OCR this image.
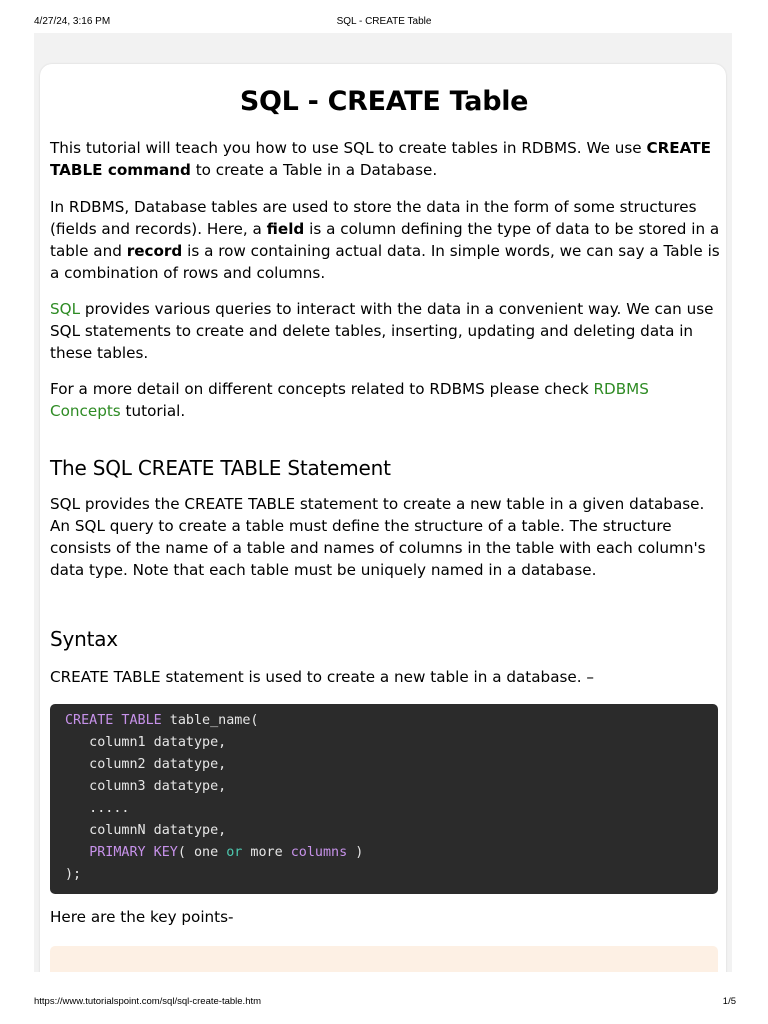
4/27/24, 3:16 PM	SQL - CREATE Table
SQL - CREATE Table

This tutorial will teach you how to use SQL to create tables in RDBMS. We use CREATE TABLE command to create a Table in a Database.

In RDBMS, Database tables are used to store the data in the form of some structures (fields and records). Here, a field is a column defining the type of data to be stored in a table and record is a row containing actual data. In simple words, we can say a Table is a combination of rows and columns.

SQL provides various queries to interact with the data in a convenient way. We can use SQL statements to create and delete tables, inserting, updating and deleting data in these tables.

For a more detail on different concepts related to RDBMS please check RDBMS Concepts tutorial.

The SQL CREATE TABLE Statement

SQL provides the CREATE TABLE statement to create a new table in a given database. An SQL query to create a table must define the structure of a table. The structure consists of the name of a table and names of columns in the table with each column's data type. Note that each table must be uniquely named in a database.

Syntax

CREATE TABLE statement is used to create a new table in a database. –

CREATE TABLE table_name(
column1 datatype,
column2 datatype,
column3 datatype,
.....
columnN datatype,
PRIMARY KEY( one or more columns )
);

Here are the key points-

https://www.tutorialspoint.com/sql/sql-create-table.htm	1/5
